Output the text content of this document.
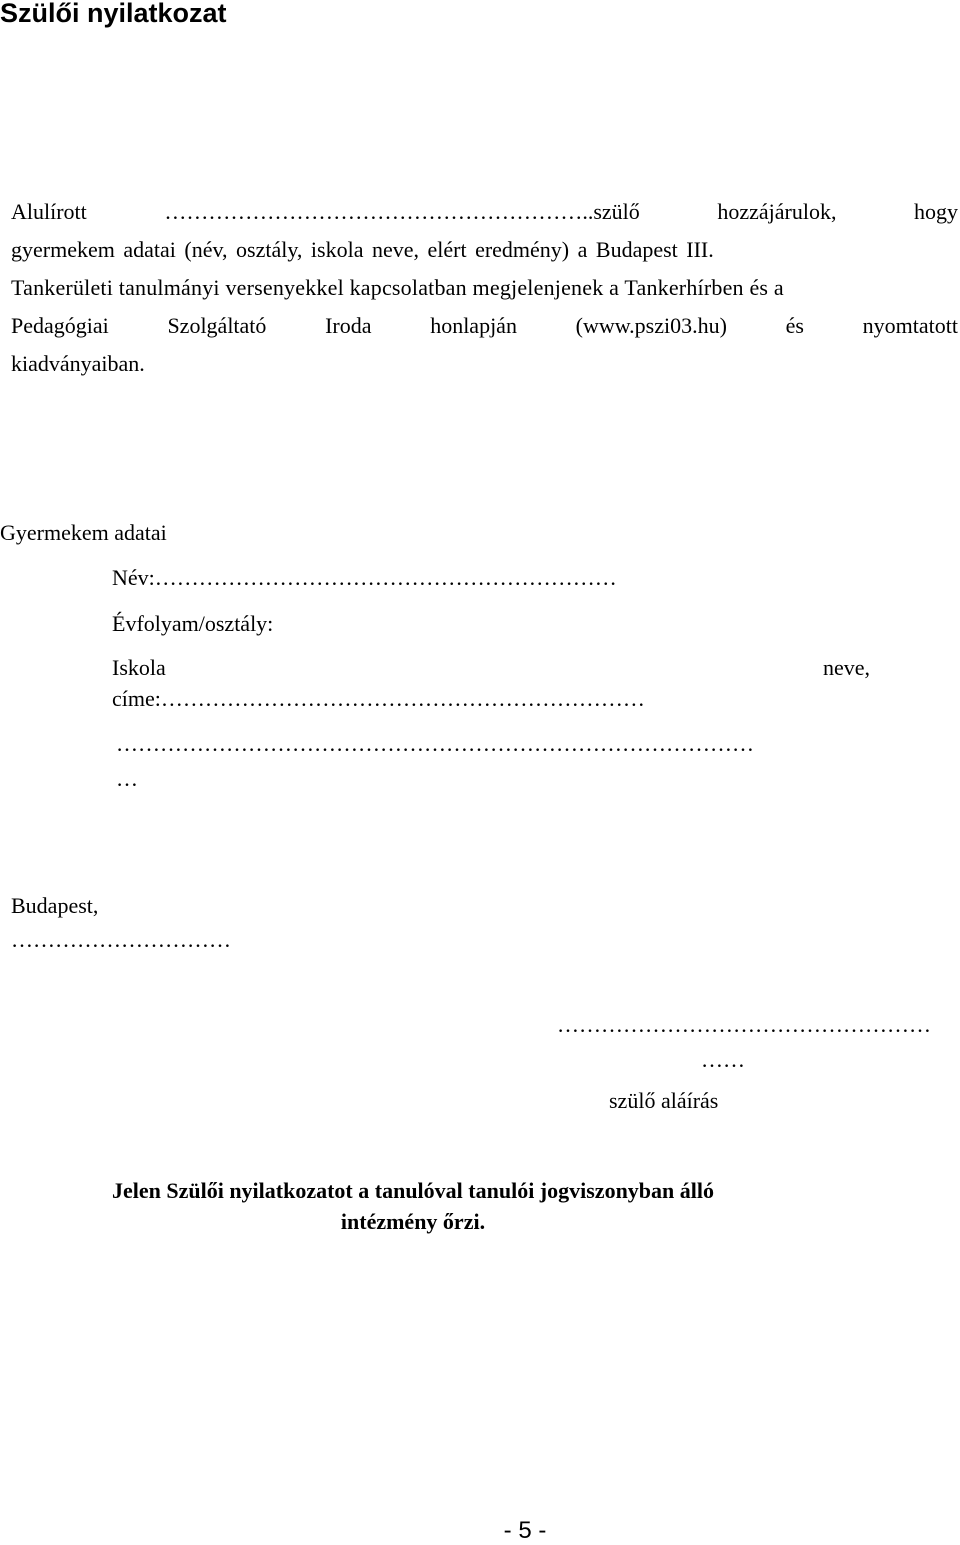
Szülői nyilatkozat
Alulírott	…………………………………………………..szülő	hozzájárulok,	hogy
gyermekem adatai (név, osztály, iskola neve, elért eredmény) a Budapest III.
Tankerületi tanulmányi versenyekkel kapcsolatban megjelenjenek a Tankerhírben és a
Pedagógiai	Szolgáltató	Iroda	honlapján	(www.pszi03.hu)	és	nyomtatott
kiadványaiban.
Gyermekem adatai
Név:………………………………………………………
Évfolyam/osztály:
Iskola	neve,
címe:…………………………………………………………
……………………………………………………………………………
…
Budapest,
…………………………
……………………………………………
……
szülő aláírás
Jelen Szülői nyilatkozatot a tanulóval tanulói jogviszonyban álló
intézmény őrzi.
- 5 -
